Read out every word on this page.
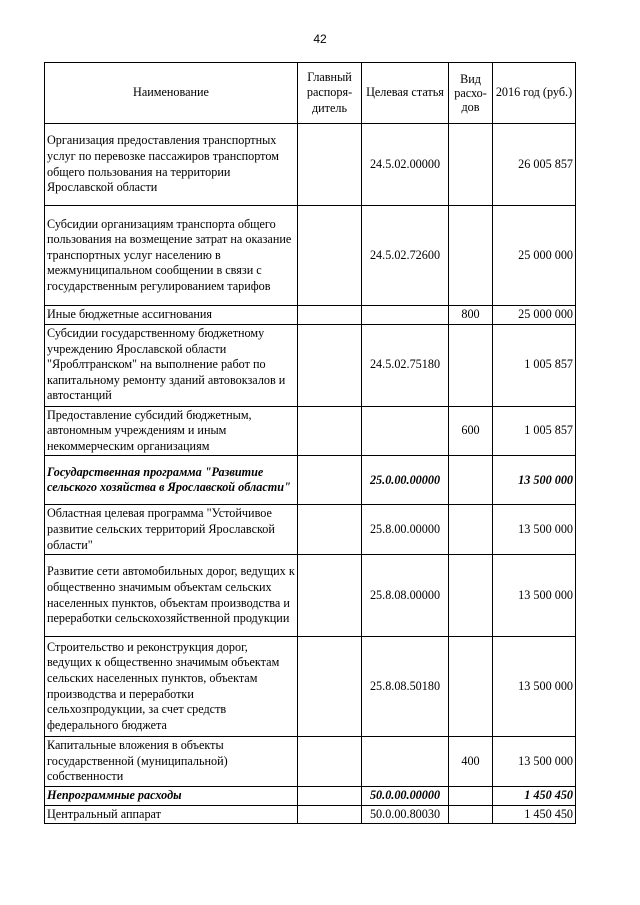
42
Наименование	Главный распоря-дитель	Целевая статья	Вид расхо-дов	2016 год (руб.)
Организация предоставления транспортных услуг по перевозке пассажиров транспортом общего пользования на территории Ярославской области		24.5.02.00000		26 005 857
Субсидии организациям транспорта общего пользования на возмещение затрат на оказание транспортных услуг населению в межмуниципальном сообщении в связи с государственным регулированием тарифов		24.5.02.72600		25 000 000
Иные бюджетные ассигнования			800	25 000 000
Субсидии государственному бюджетному учреждению Ярославской области "Яроблтранском" на выполнение работ по капитальному ремонту зданий автовокзалов и автостанций		24.5.02.75180		1 005 857
Предоставление субсидий бюджетным, автономным учреждениям и иным некоммерческим организациям			600	1 005 857
Государственная программа "Развитие сельского хозяйства в Ярославской области"		25.0.00.00000		13 500 000
Областная целевая программа "Устойчивое развитие сельских территорий Ярославской области"		25.8.00.00000		13 500 000
Развитие сети автомобильных дорог, ведущих к общественно значимым объектам сельских населенных пунктов, объектам производства и переработки сельскохозяйственной продукции		25.8.08.00000		13 500 000
Строительство и реконструкция дорог, ведущих к общественно значимым объектам сельских населенных пунктов, объектам производства и переработки сельхозпродукции, за счет средств федерального бюджета		25.8.08.50180		13 500 000
Капитальные вложения в объекты государственной (муниципальной) собственности			400	13 500 000
Непрограммные расходы		50.0.00.00000		1 450 450
Центральный аппарат		50.0.00.80030		1 450 450
